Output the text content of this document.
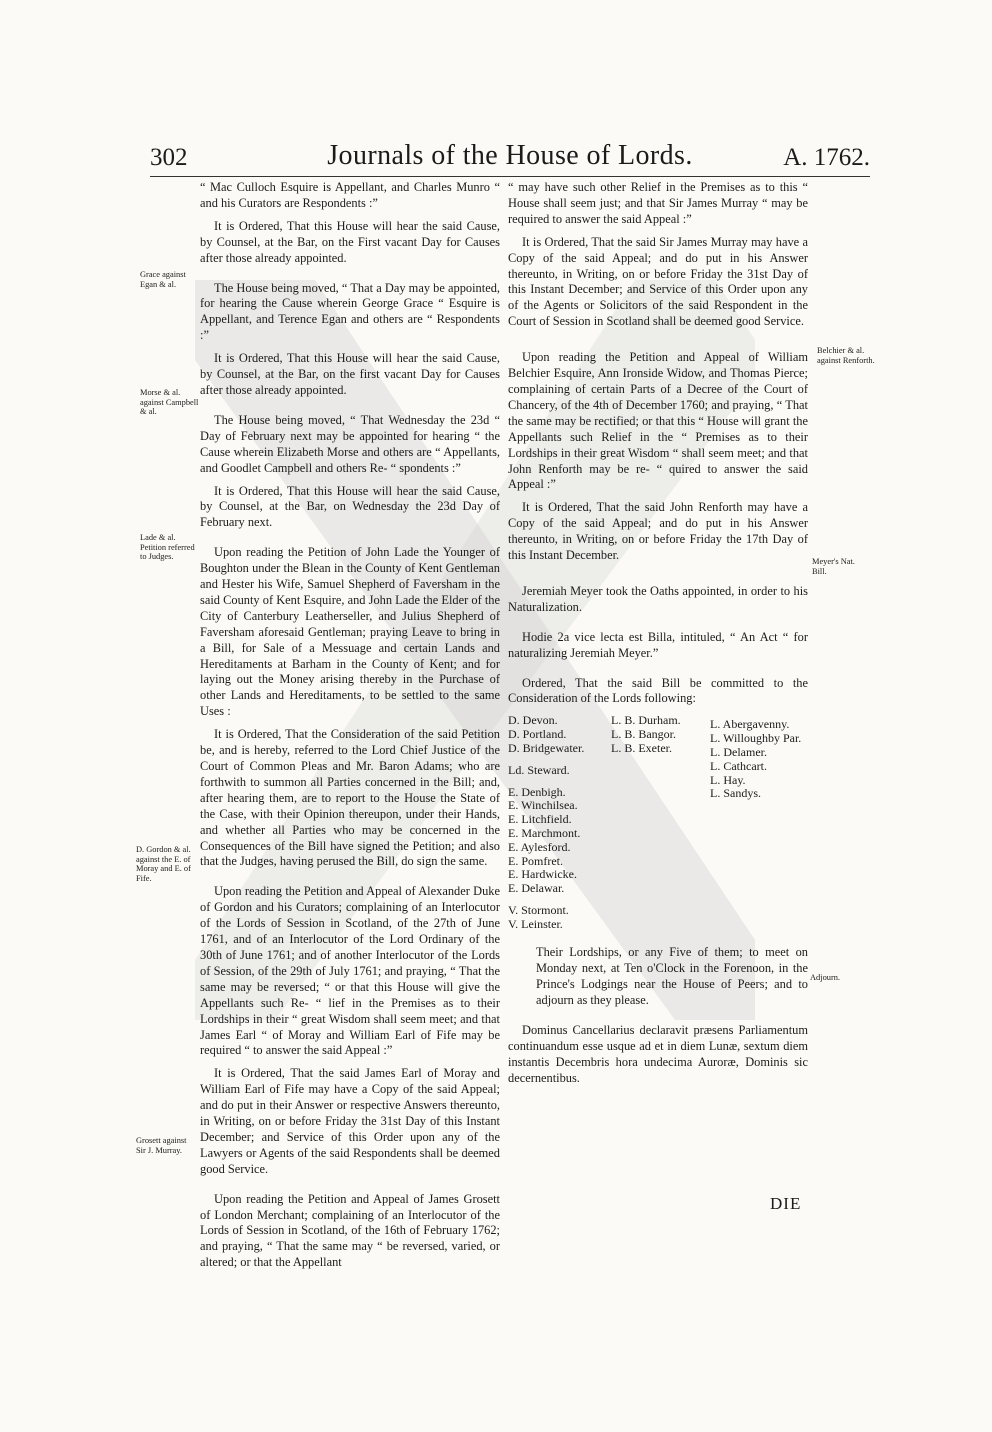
302	Journals of the House of Lords.	A. 1762.
Grace against Egan & al.
Morse & al. against Campbell & al.
Lade & al. Petition referred to Judges.
D. Gordon & al. against the E. of Moray and E. of Fife.
Grosett against Sir J. Murray.
Belchier & al. against Renforth.
Meyer's Nat. Bill.
Adjourn.

“ Mac Culloch Esquire is Appellant, and Charles Munro “ and his Curators are Respondents :”

It is Ordered, That this House will hear the said Cause, by Counsel, at the Bar, on the First vacant Day for Causes after those already appointed.

The House being moved, “ That a Day may be appointed, for hearing the Cause wherein George Grace “ Esquire is Appellant, and Terence Egan and others are “ Respondents :”

It is Ordered, That this House will hear the said Cause, by Counsel, at the Bar, on the first vacant Day for Causes after those already appointed.

The House being moved, “ That Wednesday the 23d “ Day of February next may be appointed for hearing “ the Cause wherein Elizabeth Morse and others are “ Appellants, and Goodlet Campbell and others Re- “ spondents :”

It is Ordered, That this House will hear the said Cause, by Counsel, at the Bar, on Wednesday the 23d Day of February next.

Upon reading the Petition of John Lade the Younger of Boughton under the Blean in the County of Kent Gentleman and Hester his Wife, Samuel Shepherd of Faversham in the said County of Kent Esquire, and John Lade the Elder of the City of Canterbury Leatherseller, and Julius Shepherd of Faversham aforesaid Gentleman; praying Leave to bring in a Bill, for Sale of a Messuage and certain Lands and Hereditaments at Barham in the County of Kent; and for laying out the Money arising thereby in the Purchase of other Lands and Hereditaments, to be settled to the same Uses :

It is Ordered, That the Consideration of the said Petition be, and is hereby, referred to the Lord Chief Justice of the Court of Common Pleas and Mr. Baron Adams; who are forthwith to summon all Parties concerned in the Bill; and, after hearing them, are to report to the House the State of the Case, with their Opinion thereupon, under their Hands, and whether all Parties who may be concerned in the Consequences of the Bill have signed the Petition; and also that the Judges, having perused the Bill, do sign the same.

Upon reading the Petition and Appeal of Alexander Duke of Gordon and his Curators; complaining of an Interlocutor of the Lords of Session in Scotland, of the 27th of June 1761, and of an Interlocutor of the Lord Ordinary of the 30th of June 1761; and of another Interlocutor of the Lords of Session, of the 29th of July 1761; and praying, “ That the same may be reversed; “ or that this House will give the Appellants such Re- “ lief in the Premises as to their Lordships in their “ great Wisdom shall seem meet; and that James Earl “ of Moray and William Earl of Fife may be required “ to answer the said Appeal :”

It is Ordered, That the said James Earl of Moray and William Earl of Fife may have a Copy of the said Appeal; and do put in their Answer or respective Answers thereunto, in Writing, on or before Friday the 31st Day of this Instant December; and Service of this Order upon any of the Lawyers or Agents of the said Respondents shall be deemed good Service.

Upon reading the Petition and Appeal of James Grosett of London Merchant; complaining of an Interlocutor of the Lords of Session in Scotland, of the 16th of February 1762; and praying, “ That the same may “ be reversed, varied, or altered; or that the Appellant

“ may have such other Relief in the Premises as to this “ House shall seem just; and that Sir James Murray “ may be required to answer the said Appeal :”

It is Ordered, That the said Sir James Murray may have a Copy of the said Appeal; and do put in his Answer thereunto, in Writing, on or before Friday the 31st Day of this Instant December; and Service of this Order upon any of the Agents or Solicitors of the said Respondent in the Court of Session in Scotland shall be deemed good Service.

Upon reading the Petition and Appeal of William Belchier Esquire, Ann Ironside Widow, and Thomas Pierce; complaining of certain Parts of a Decree of the Court of Chancery, of the 4th of December 1760; and praying, “ That the same may be rectified; or that this “ House will grant the Appellants such Relief in the “ Premises as to their Lordships in their great Wisdom “ shall seem meet; and that John Renforth may be re- “ quired to answer the said Appeal :”

It is Ordered, That the said John Renforth may have a Copy of the said Appeal; and do put in his Answer thereunto, in Writing, on or before Friday the 17th Day of this Instant December.

Jeremiah Meyer took the Oaths appointed, in order to his Naturalization.

Hodie 2a vice lecta est Billa, intituled, “ An Act “ for naturalizing Jeremiah Meyer.”

Ordered, That the said Bill be committed to the Consideration of the Lords following:

D. Devon.
D. Portland.
D. Bridgewater.
Ld. Steward.
E. Denbigh.
E. Winchilsea.
E. Litchfield.
E. Marchmont.
E. Aylesford.
E. Pomfret.
E. Hardwicke.
E. Delawar.
V. Stormont.
V. Leinster.
L. B. Durham.
L. B. Bangor.
L. B. Exeter.
L. Abergavenny.
L. Willoughby Par.
L. Delamer.
L. Cathcart.
L. Hay.
L. Sandys.

Their Lordships, or any Five of them; to meet on Monday next, at Ten o'Clock in the Forenoon, in the Prince's Lodgings near the House of Peers; and to adjourn as they please.

Dominus Cancellarius declaravit præsens Parliamentum continuandum esse usque ad et in diem Lunæ, sextum diem instantis Decembris hora undecima Auroræ, Dominis sic decernentibus.

DIE
